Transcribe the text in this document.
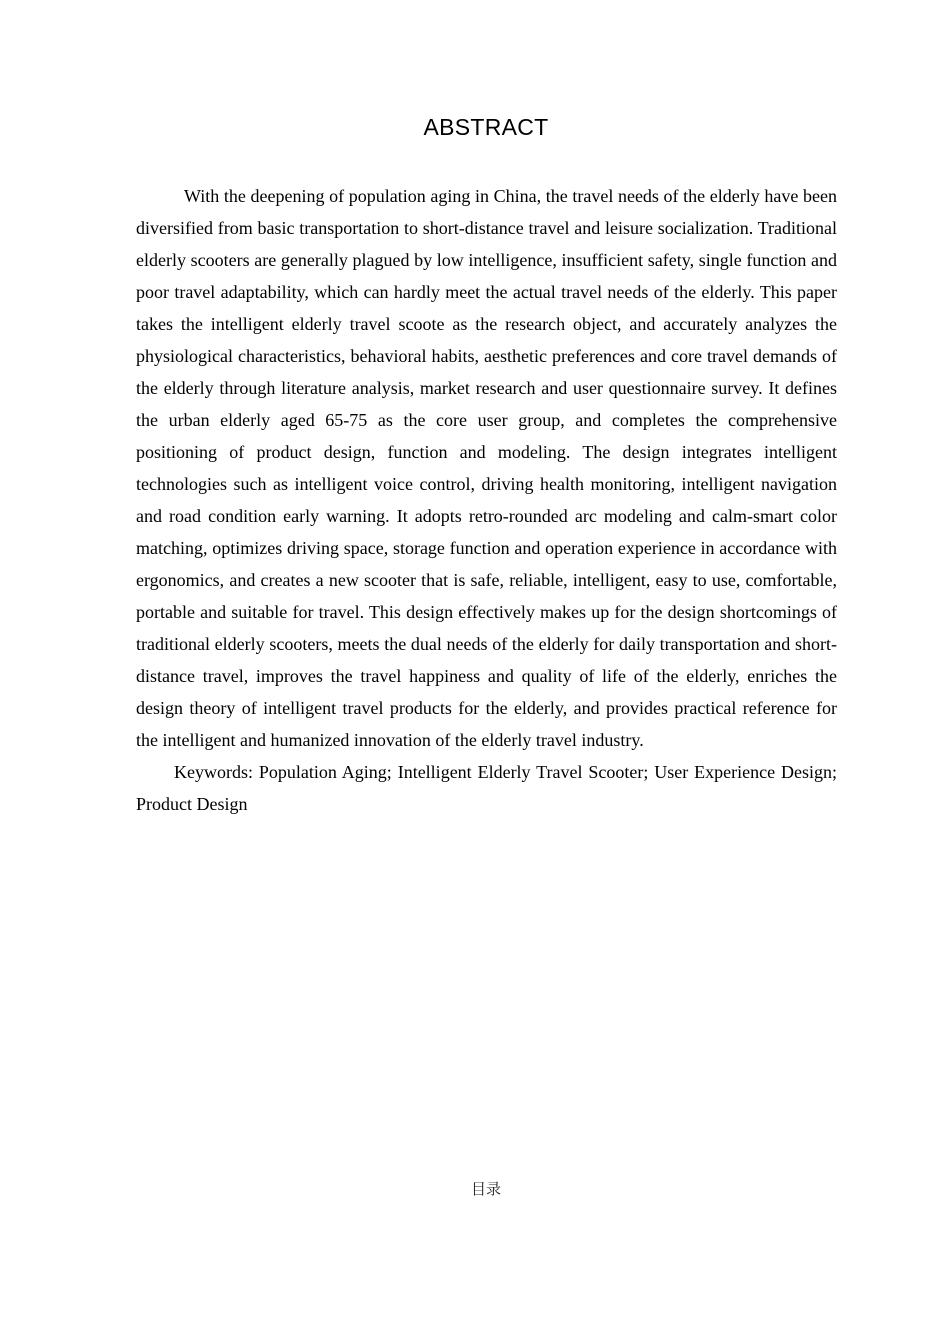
ABSTRACT

With the deepening of population aging in China, the travel needs of the elderly have been diversified from basic transportation to short-distance travel and leisure socialization. Traditional elderly scooters are generally plagued by low intelligence, insufficient safety, single function and poor travel adaptability, which can hardly meet the actual travel needs of the elderly. This paper takes the intelligent elderly travel scoote as the research object, and accurately analyzes the physiological characteristics, behavioral habits, aesthetic preferences and core travel demands of the elderly through literature analysis, market research and user questionnaire survey. It defines the urban elderly aged 65-75 as the core user group, and completes the comprehensive positioning of product design, function and modeling. The design integrates intelligent technologies such as intelligent voice control, driving health monitoring, intelligent navigation and road condition early warning. It adopts retro-rounded arc modeling and calm-smart color matching, optimizes driving space, storage function and operation experience in accordance with ergonomics, and creates a new scooter that is safe, reliable, intelligent, easy to use, comfortable, portable and suitable for travel. This design effectively makes up for the design shortcomings of traditional elderly scooters, meets the dual needs of the elderly for daily transportation and short-distance travel, improves the travel happiness and quality of life of the elderly, enriches the design theory of intelligent travel products for the elderly, and provides practical reference for the intelligent and humanized innovation of the elderly travel industry.

Keywords: Population Aging; Intelligent Elderly Travel Scooter; User Experience Design; Product Design

目录
